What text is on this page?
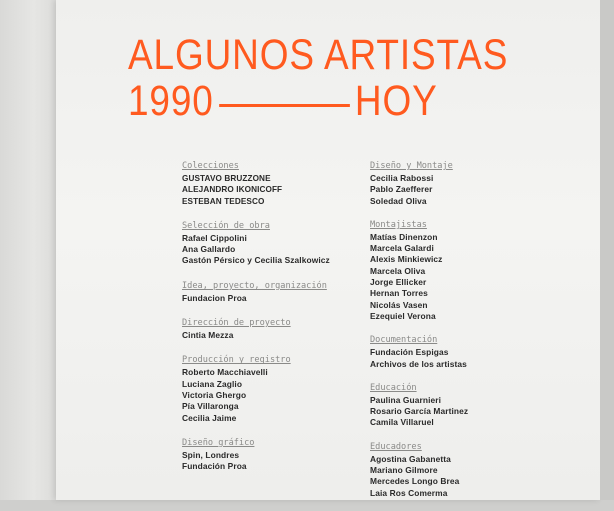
ALGUNOS ARTISTAS
1990	HOY
Colecciones
GUSTAVO BRUZZONE
ALEJANDRO IKONICOFF
ESTEBAN TEDESCO
Selección de obra
Rafael Cippolini
Ana Gallardo
Gastón Pérsico y Cecilia Szalkowicz
Idea, proyecto, organización
Fundacion Proa
Dirección de proyecto
Cintia Mezza
Producción y registro
Roberto Macchiavelli
Luciana Zaglio
Victoria Ghergo
Pía Villaronga
Cecilia Jaime
Diseño gráfico
Spin, Londres
Fundación Proa
Diseño y Montaje
Cecilia Rabossi
Pablo Zaefferer
Soledad Oliva
Montajistas
Matías Dinenzon
Marcela Galardi
Alexis Minkiewicz
Marcela Oliva
Jorge Ellicker
Hernan Torres
Nicolás Vasen
Ezequiel Verona
Documentación
Fundación Espigas
Archivos de los artistas
Educación
Paulina Guarnieri
Rosario García Martinez
Camila Villaruel
Educadores
Agostina Gabanetta
Mariano Gilmore
Mercedes Longo Brea
Laia Ros Comerma
